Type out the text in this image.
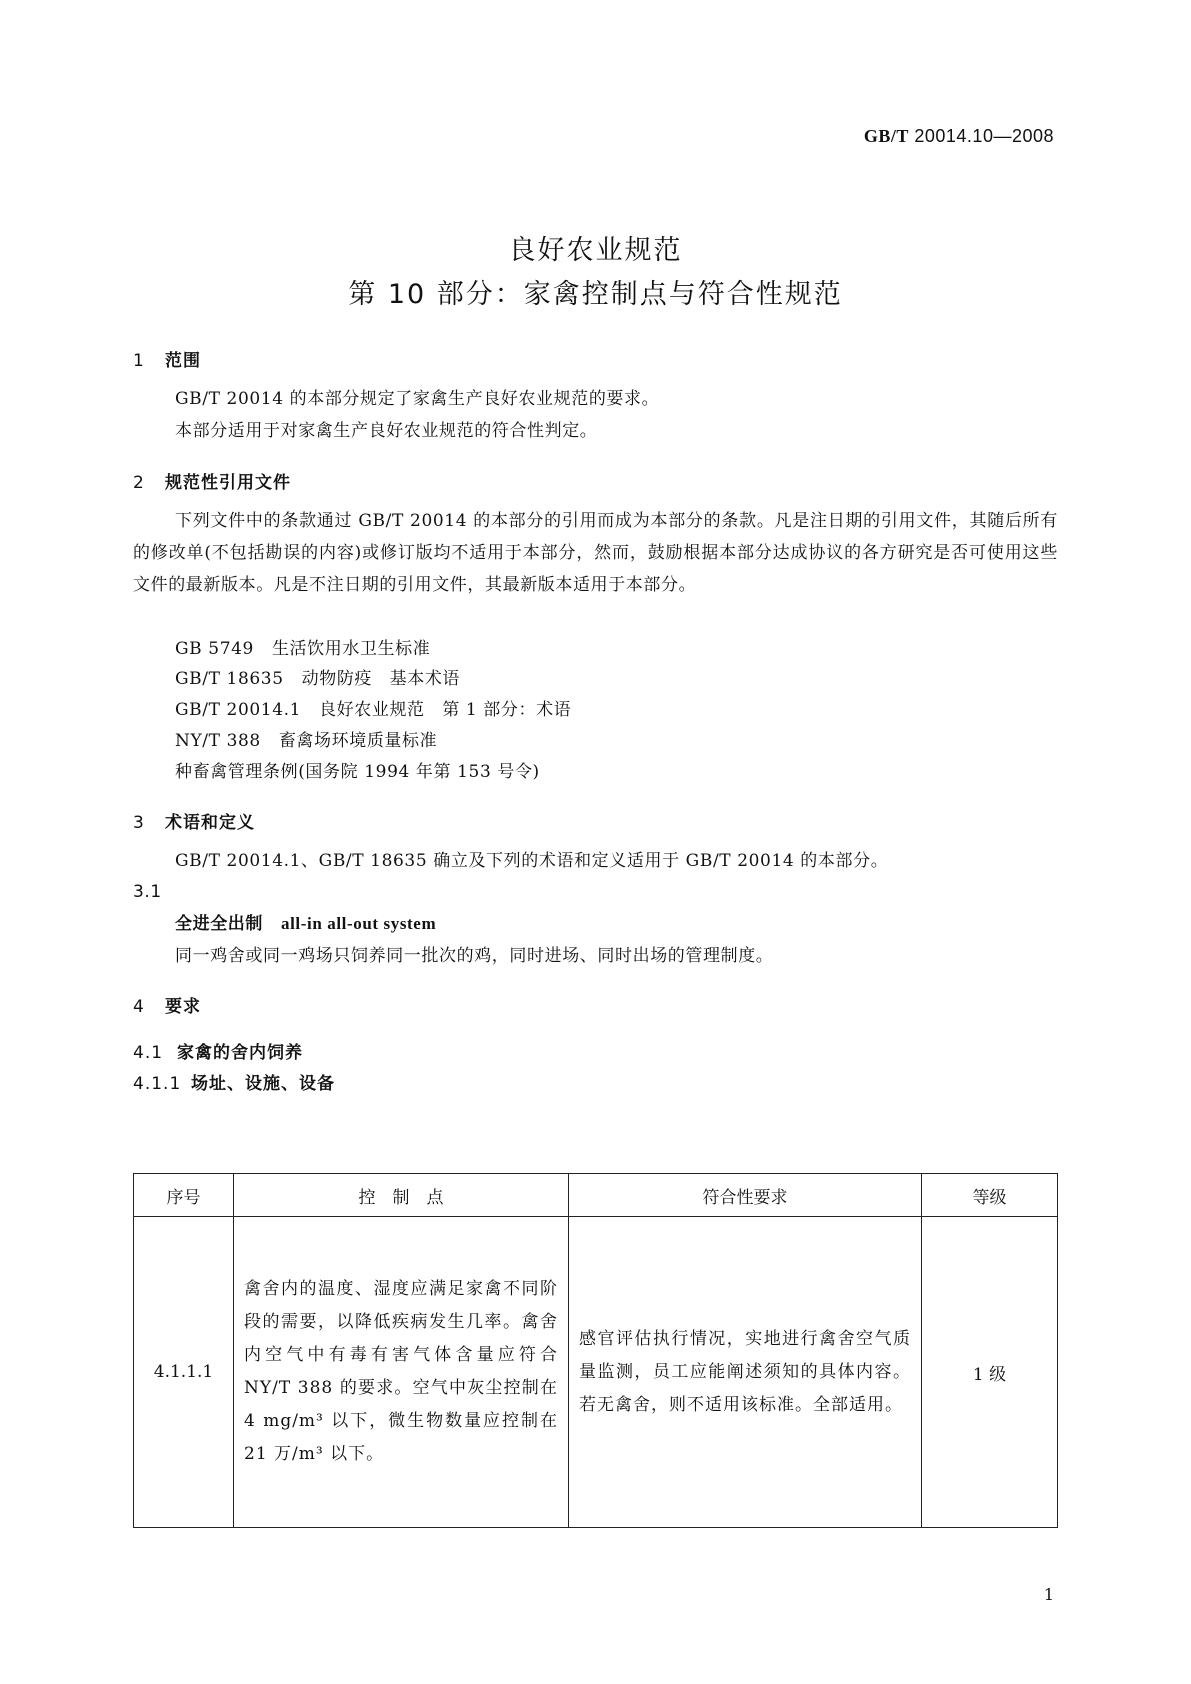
GB/T 20014.10—2008
良好农业规范
第 10 部分：家禽控制点与符合性规范
1 范围
GB/T 20014 的本部分规定了家禽生产良好农业规范的要求。
本部分适用于对家禽生产良好农业规范的符合性判定。
2 规范性引用文件
下列文件中的条款通过 GB/T 20014 的本部分的引用而成为本部分的条款。凡是注日期的引用文件，其随后所有的修改单(不包括勘误的内容)或修订版均不适用于本部分，然而，鼓励根据本部分达成协议的各方研究是否可使用这些文件的最新版本。凡是不注日期的引用文件，其最新版本适用于本部分。
GB 5749 生活饮用水卫生标准
GB/T 18635 动物防疫　基本术语
GB/T 20014.1 良好农业规范　第 1 部分：术语
NY/T 388 畜禽场环境质量标准
种畜禽管理条例(国务院 1994 年第 153 号令)
3 术语和定义
GB/T 20014.1、GB/T 18635 确立及下列的术语和定义适用于 GB/T 20014 的本部分。
3.1
全进全出制 all-in all-out system
同一鸡舍或同一鸡场只饲养同一批次的鸡，同时进场、同时出场的管理制度。
4 要求
4.1 家禽的舍内饲养
4.1.1 场址、设施、设备
序号	控　制　点	符合性要求	等级
4.1.1.1	禽舍内的温度、湿度应满足家禽不同阶段的需要，以降低疾病发生几率。禽舍内空气中有毒有害气体含量应符合 NY/T 388 的要求。空气中灰尘控制在 4 mg/m³ 以下，微生物数量应控制在 21 万/m³ 以下。	感官评估执行情况，实地进行禽舍空气质量监测，员工应能阐述须知的具体内容。若无禽舍，则不适用该标准。全部适用。	1 级
1
